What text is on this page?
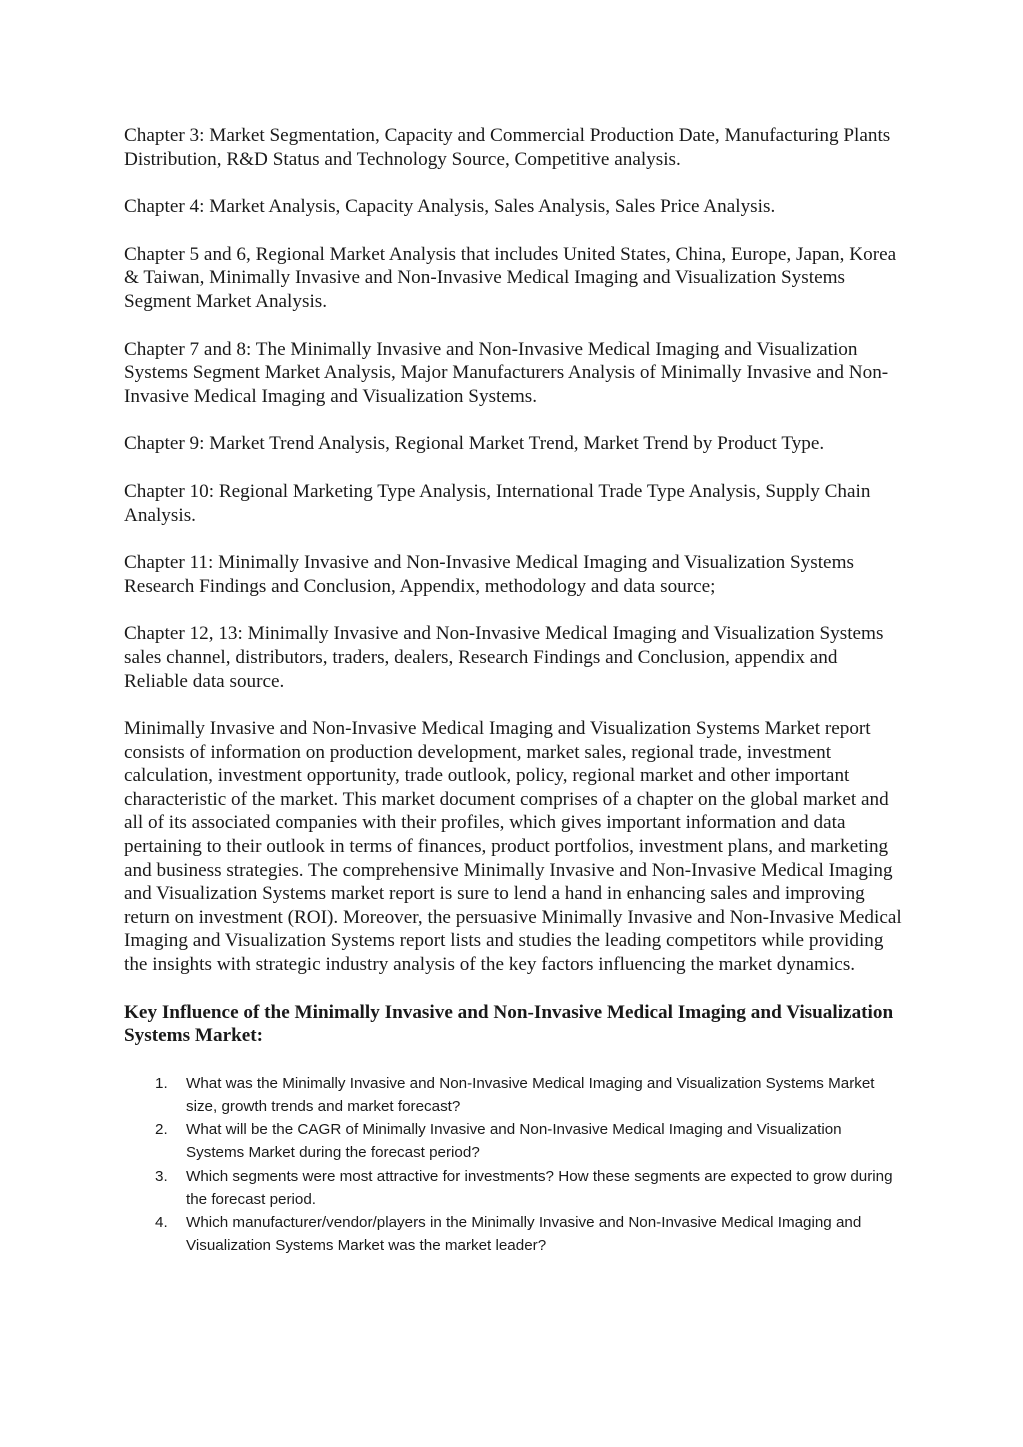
Chapter 3: Market Segmentation, Capacity and Commercial Production Date, Manufacturing Plants Distribution, R&D Status and Technology Source, Competitive analysis.

Chapter 4: Market Analysis, Capacity Analysis, Sales Analysis, Sales Price Analysis.

Chapter 5 and 6, Regional Market Analysis that includes United States, China, Europe, Japan, Korea & Taiwan, Minimally Invasive and Non-Invasive Medical Imaging and Visualization Systems Segment Market Analysis.

Chapter 7 and 8: The Minimally Invasive and Non-Invasive Medical Imaging and Visualization Systems Segment Market Analysis, Major Manufacturers Analysis of Minimally Invasive and Non-Invasive Medical Imaging and Visualization Systems.

Chapter 9: Market Trend Analysis, Regional Market Trend, Market Trend by Product Type.

Chapter 10: Regional Marketing Type Analysis, International Trade Type Analysis, Supply Chain Analysis.

Chapter 11: Minimally Invasive and Non-Invasive Medical Imaging and Visualization Systems Research Findings and Conclusion, Appendix, methodology and data source;

Chapter 12, 13: Minimally Invasive and Non-Invasive Medical Imaging and Visualization Systems sales channel, distributors, traders, dealers, Research Findings and Conclusion, appendix and Reliable data source.

Minimally Invasive and Non-Invasive Medical Imaging and Visualization Systems Market report consists of information on production development, market sales, regional trade, investment calculation, investment opportunity, trade outlook, policy, regional market and other important characteristic of the market. This market document comprises of a chapter on the global market and all of its associated companies with their profiles, which gives important information and data pertaining to their outlook in terms of finances, product portfolios, investment plans, and marketing and business strategies. The comprehensive Minimally Invasive and Non-Invasive Medical Imaging and Visualization Systems market report is sure to lend a hand in enhancing sales and improving return on investment (ROI). Moreover, the persuasive Minimally Invasive and Non-Invasive Medical Imaging and Visualization Systems report lists and studies the leading competitors while providing the insights with strategic industry analysis of the key factors influencing the market dynamics.

Key Influence of the Minimally Invasive and Non-Invasive Medical Imaging and Visualization Systems Market:

1. What was the Minimally Invasive and Non-Invasive Medical Imaging and Visualization Systems Market size, growth trends and market forecast?
2. What will be the CAGR of Minimally Invasive and Non-Invasive Medical Imaging and Visualization Systems Market during the forecast period?
3. Which segments were most attractive for investments? How these segments are expected to grow during the forecast period.
4. Which manufacturer/vendor/players in the Minimally Invasive and Non-Invasive Medical Imaging and Visualization Systems Market was the market leader?
